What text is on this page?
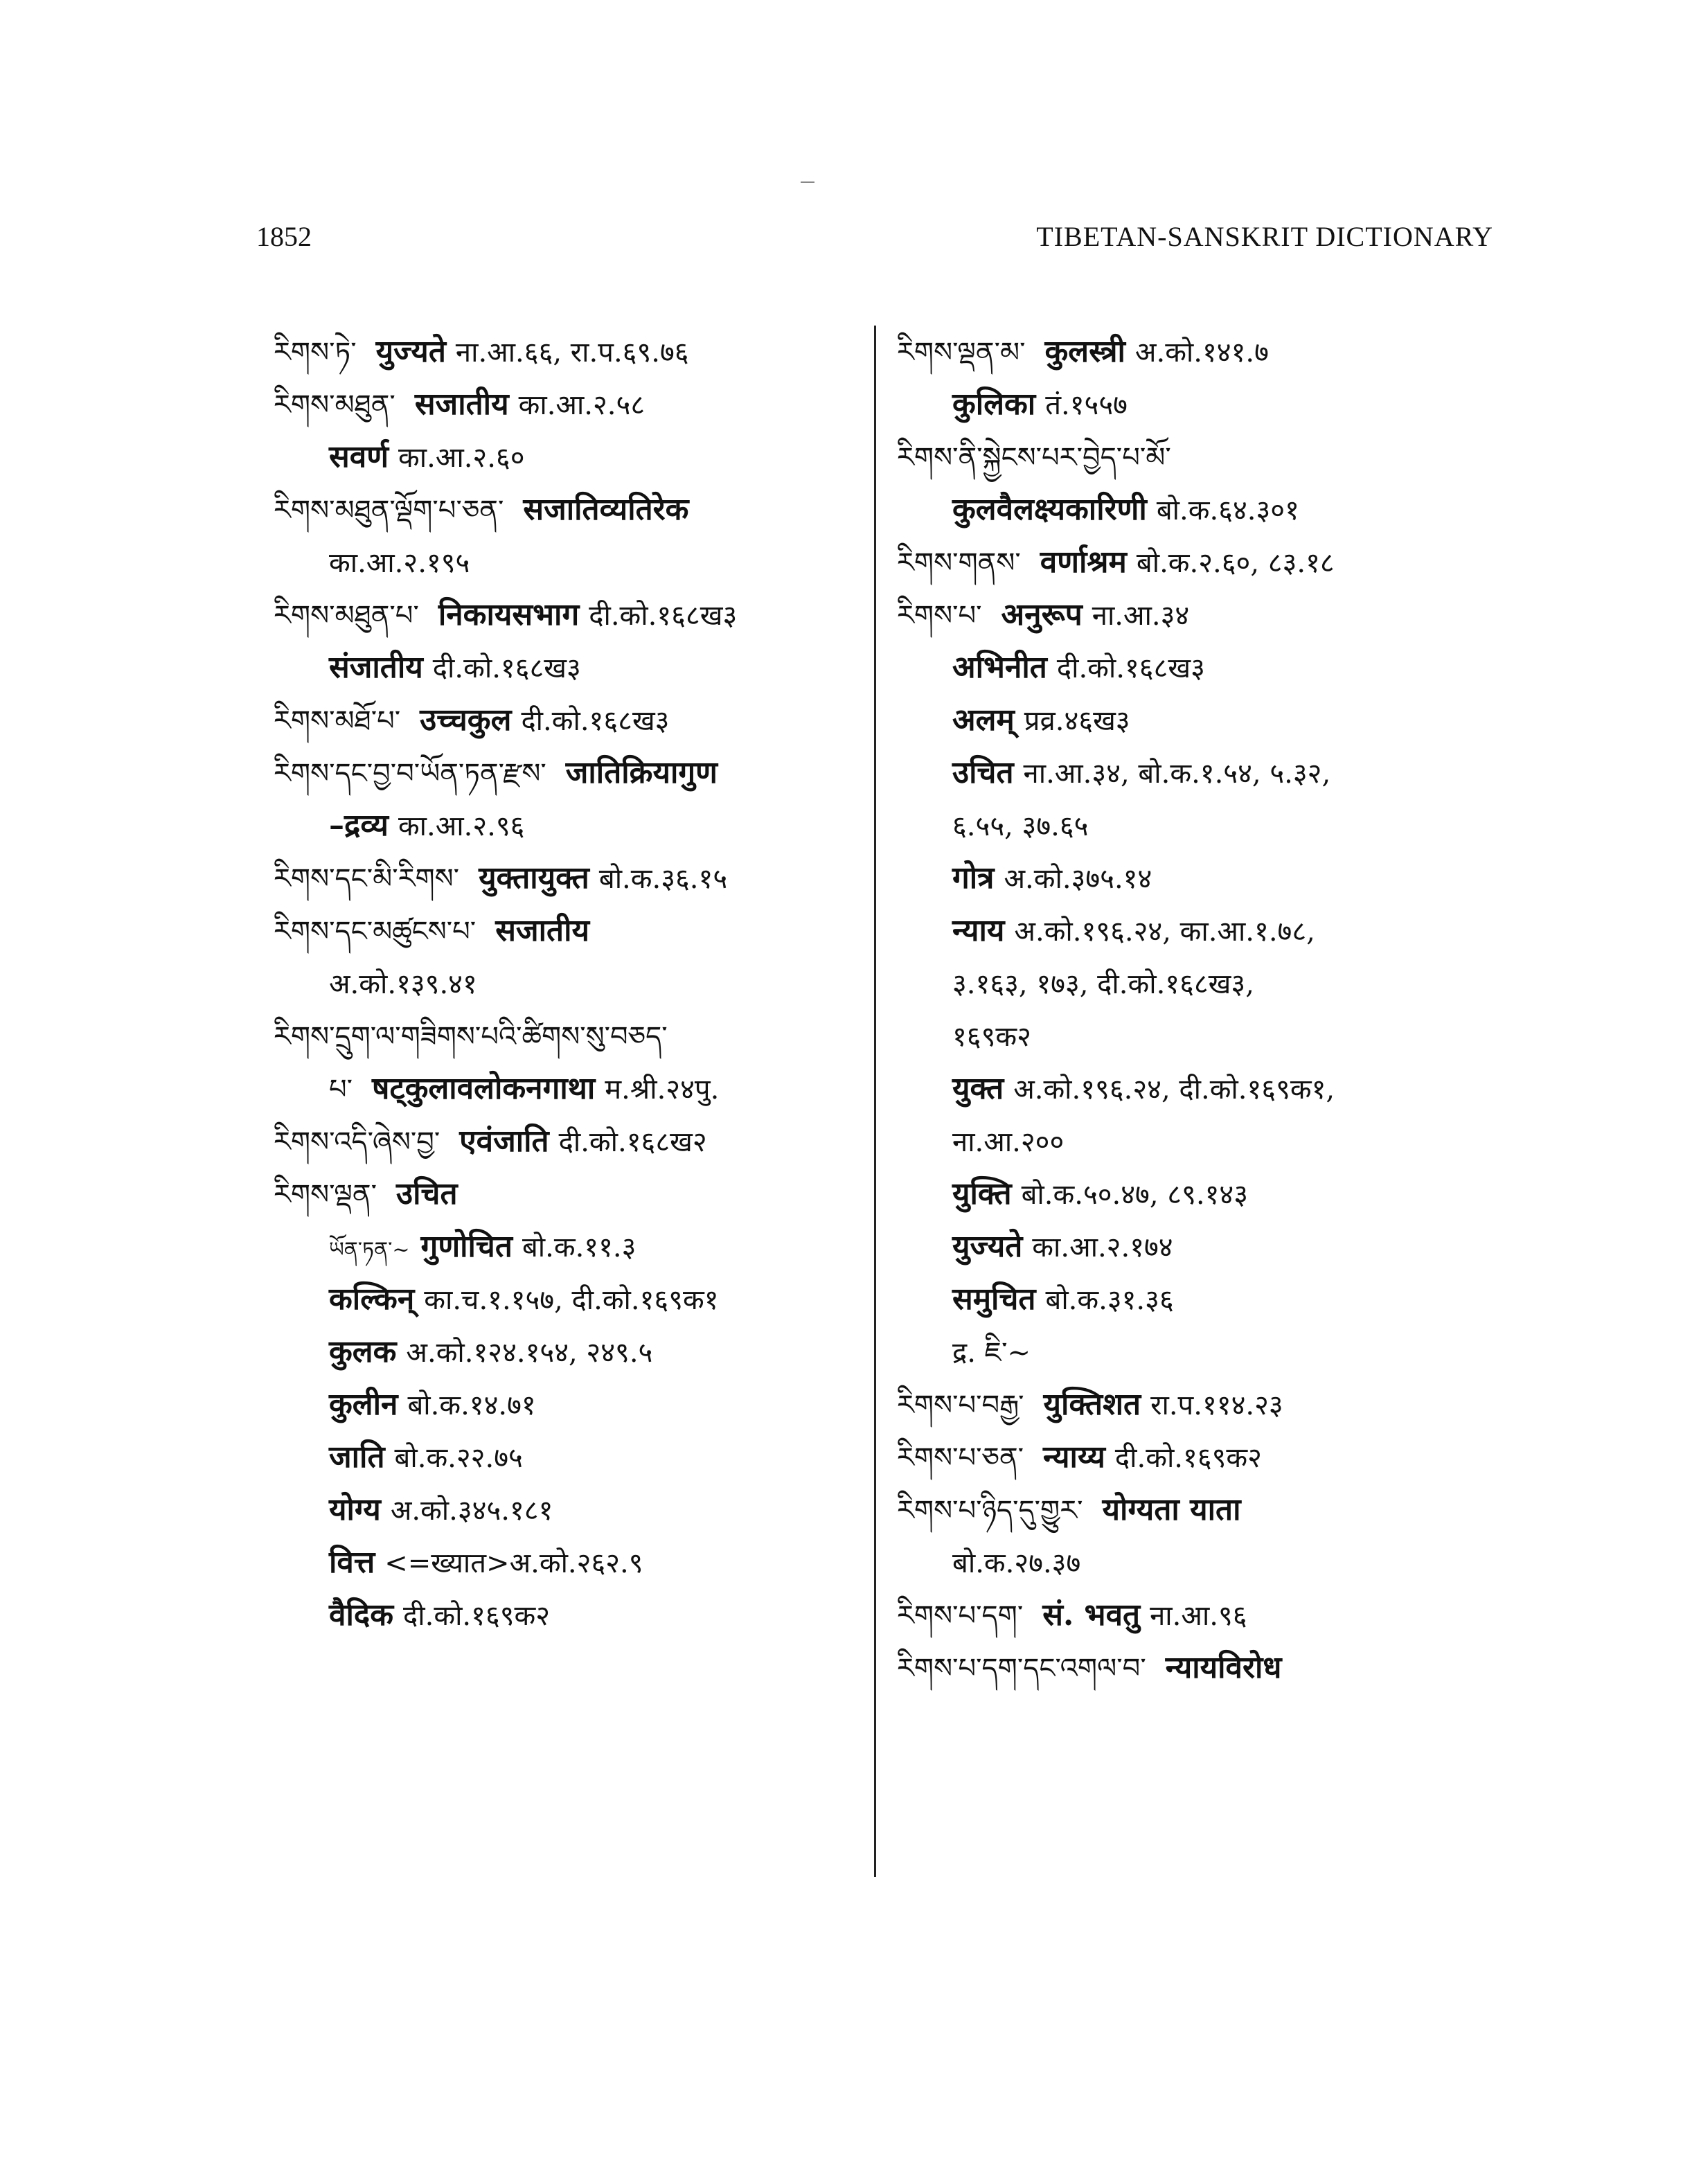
1852	TIBETAN-SANSKRIT DICTIONARY
རིགས་ཏེ་ युज्यते ना.आ.६६, रा.प.६९.७६
རིགས་མཐུན་ सजातीय का.आ.२.५८
सवर्ण का.आ.२.६०
རིགས་མཐུན་ལྡོག་པ་ཅན་ सजातिव्यतिरेक
का.आ.२.१९५
རིགས་མཐུན་པ་ निकायसभाग दी.को.१६८ख३
संजातीय दी.को.१६८ख३
རིགས་མཐོ་པ་ उच्चकुल दी.को.१६८ख३
རིགས་དང་བྱ་བ་ཡོན་ཏན་རྫས་ जातिक्रियागुण
–द्रव्य का.आ.२.९६
རིགས་དང་མི་རིགས་ युक्तायुक्त बो.क.३६.१५
རིགས་དང་མཚུངས་པ་ सजातीय
अ.को.१३९.४१
རིགས་དྲུག་ལ་གཟིགས་པའི་ཚིགས་སུ་བཅད་
པ་ षट्कुलावलोकनगाथा म.श्री.२४पु.
རིགས་འདི་ཞེས་བྱ་ एवंजाति दी.को.१६८ख२
རིགས་ལྡན་ उचित
ཡོན་ཏན་~ गुणोचित बो.क.११.३
कल्किन् का.च.१.१५७, दी.को.१६९क१
कुलक अ.को.१२४.१५४, २४९.५
कुलीन बो.क.१४.७१
जाति बो.क.२२.७५
योग्य अ.को.३४५.१८१
वित्त <=ख्यात>अ.को.२६२.९
वैदिक दी.को.१६९क२
རིགས་ལྡན་མ་ कुलस्त्री अ.को.१४१.७
कुलिका तं.१५५७
རིགས་ནི་སྐྱེངས་པར་བྱེད་པ་མོ་
कुलवैलक्ष्यकारिणी बो.क.६४.३०१
རིགས་གནས་ वर्णाश्रम बो.क.२.६०, ८३.१८
རིགས་པ་ अनुरूप ना.आ.३४
अभिनीत दी.को.१६८ख३
अलम् प्रव्र.४६ख३
उचित ना.आ.३४, बो.क.१.५४, ५.३२,
६.५५, ३७.६५
गोत्र अ.को.३७५.१४
न्याय अ.को.१९६.२४, का.आ.१.७८,
३.१६३, १७३, दी.को.१६८ख३,
१६९क२
युक्त अ.को.१९६.२४, दी.को.१६९क१,
ना.आ.२००
युक्ति बो.क.५०.४७, ८९.१४३
युज्यते का.आ.२.१७४
समुचित बो.क.३१.३६
द्र. ཇི་~
རིགས་པ་བརྒྱ་ युक्तिशत रा.प.११४.२३
རིགས་པ་ཅན་ न्याय्य दी.को.१६९क२
རིགས་པ་ཉིད་དུ་གྱུར་ योग्यता याता
बो.क.२७.३७
རིགས་པ་དག་ सं. भवतु ना.आ.९६
རིགས་པ་དག་དང་འགལ་བ་ न्यायविरोध
